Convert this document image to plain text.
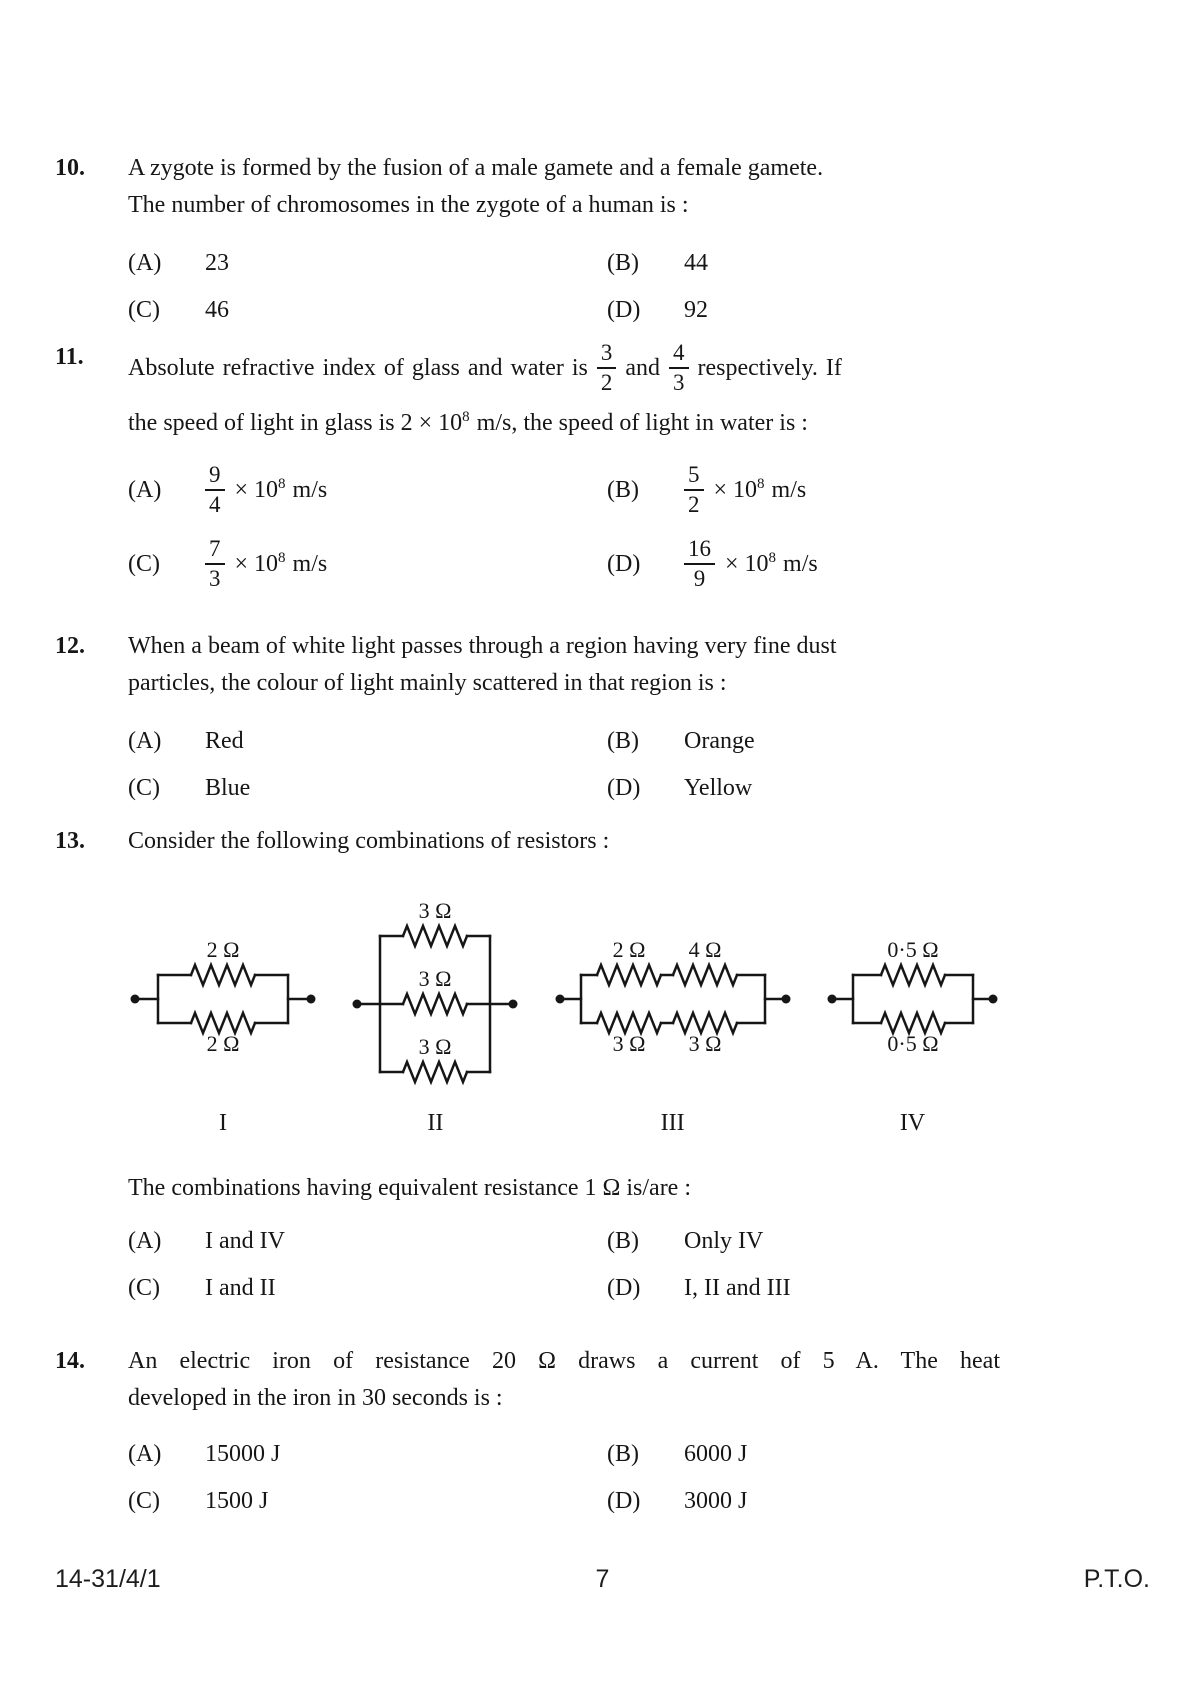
10.	A zygote is formed by the fusion of a male gamete and a female gamete.
The number of chromosomes in the zygote of a human is :
(A)	23	(B)	44
(C)	46	(D)	92
11.	Absolute refractive index of glass and water is $\frac{3}{2}$ and $\frac{4}{3}$ respectively. If
the speed of light in glass is $2 \times 10^8$ m/s, the speed of light in water is :
(A)	$\frac{9}{4} \times 10^8$ m/s	(B)	$\frac{5}{2} \times 10^8$ m/s
(C)	$\frac{7}{3} \times 10^8$ m/s	(D)	$\frac{16}{9} \times 10^8$ m/s
12.	When a beam of white light passes through a region having very fine dust
particles, the colour of light mainly scattered in that region is :
(A)	Red	(B)	Orange
(C)	Blue	(D)	Yellow
13.	Consider the following combinations of resistors :
2 Ω
2 Ω
I
3 Ω
3 Ω
3 Ω
II
2 Ω 4 Ω
3 Ω 3 Ω
III
0·5 Ω
0·5 Ω
IV
The combinations having equivalent resistance 1 Ω is/are :
(A)	I and IV	(B)	Only IV
(C)	I and II	(D)	I, II and III
14.	An electric iron of resistance 20 Ω draws a current of 5 A. The heat
developed in the iron in 30 seconds is :
(A)	15000 J	(B)	6000 J
(C)	1500 J	(D)	3000 J
14-31/4/1	7	P.T.O.
